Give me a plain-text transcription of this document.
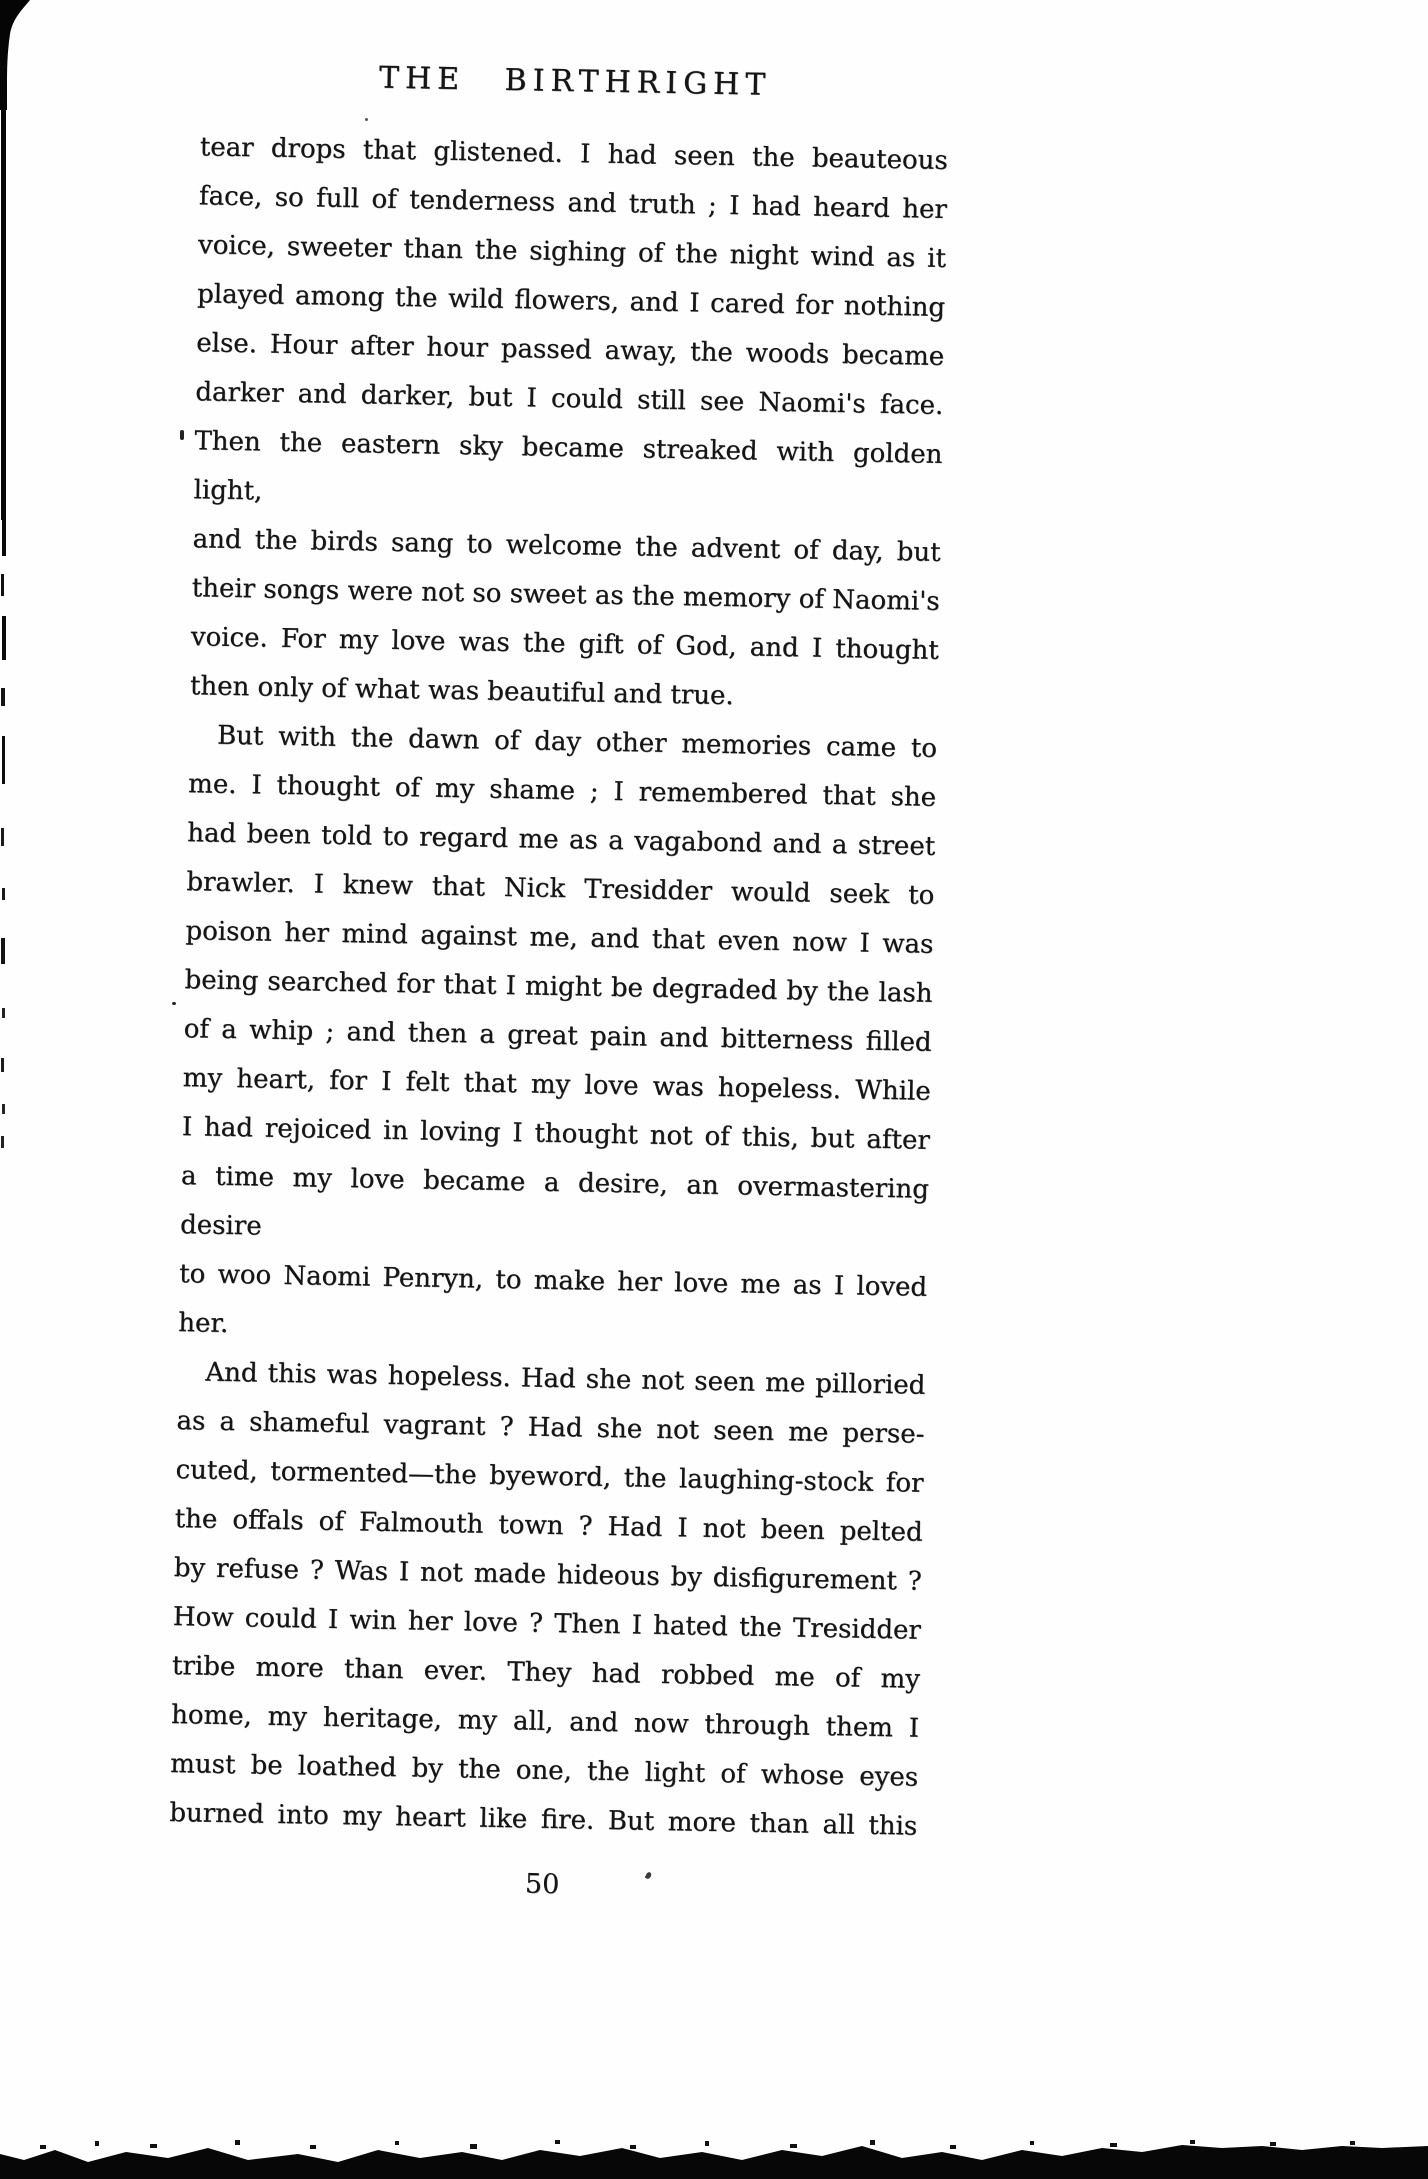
THE BIRTHRIGHT
tear drops that glistened. I had seen the beauteous
face, so full of tenderness and truth ; I had heard her
voice, sweeter than the sighing of the night wind as it
played among the wild flowers, and I cared for nothing
else. Hour after hour passed away, the woods became
darker and darker, but I could still see Naomi's face.
Then the eastern sky became streaked with golden light,
and the birds sang to welcome the advent of day, but
their songs were not so sweet as the memory of Naomi's
voice. For my love was the gift of God, and I thought
then only of what was beautiful and true.
But with the dawn of day other memories came to
me. I thought of my shame ; I remembered that she
had been told to regard me as a vagabond and a street
brawler. I knew that Nick Tresidder would seek to
poison her mind against me, and that even now I was
being searched for that I might be degraded by the lash
of a whip ; and then a great pain and bitterness filled
my heart, for I felt that my love was hopeless. While
I had rejoiced in loving I thought not of this, but after
a time my love became a desire, an overmastering desire
to woo Naomi Penryn, to make her love me as I loved
her.
And this was hopeless. Had she not seen me pilloried
as a shameful vagrant ? Had she not seen me perse-
cuted, tormented—the byeword, the laughing-stock for
the offals of Falmouth town ? Had I not been pelted
by refuse ? Was I not made hideous by disfigurement ?
How could I win her love ? Then I hated the Tresidder
tribe more than ever. They had robbed me of my
home, my heritage, my all, and now through them I
must be loathed by the one, the light of whose eyes
burned into my heart like fire. But more than all this
50
